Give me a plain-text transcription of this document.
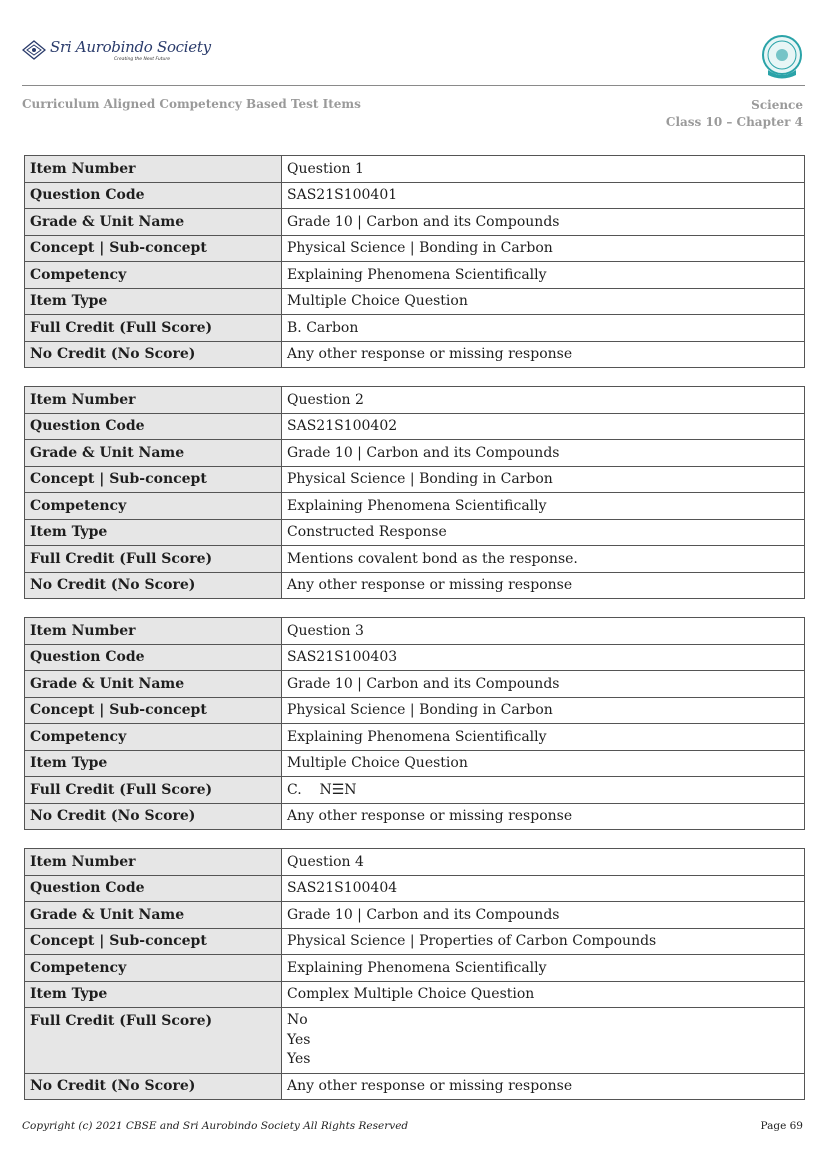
Sri Aurobindo Society
Creating the Next Future
Curriculum Aligned Competency Based Test Items	Science
Class 10 – Chapter 4
Item Number	Question 1
Question Code	SAS21S100401
Grade & Unit Name	Grade 10 | Carbon and its Compounds
Concept | Sub-concept	Physical Science | Bonding in Carbon
Competency	Explaining Phenomena Scientifically
Item Type	Multiple Choice Question
Full Credit (Full Score)	B. Carbon
No Credit (No Score)	Any other response or missing response
Item Number	Question 2
Question Code	SAS21S100402
Grade & Unit Name	Grade 10 | Carbon and its Compounds
Concept | Sub-concept	Physical Science | Bonding in Carbon
Competency	Explaining Phenomena Scientifically
Item Type	Constructed Response
Full Credit (Full Score)	Mentions covalent bond as the response.
No Credit (No Score)	Any other response or missing response
Item Number	Question 3
Question Code	SAS21S100403
Grade & Unit Name	Grade 10 | Carbon and its Compounds
Concept | Sub-concept	Physical Science | Bonding in Carbon
Competency	Explaining Phenomena Scientifically
Item Type	Multiple Choice Question
Full Credit (Full Score)	C.    N☰N
No Credit (No Score)	Any other response or missing response
Item Number	Question 4
Question Code	SAS21S100404
Grade & Unit Name	Grade 10 | Carbon and its Compounds
Concept | Sub-concept	Physical Science | Properties of Carbon Compounds
Competency	Explaining Phenomena Scientifically
Item Type	Complex Multiple Choice Question
Full Credit (Full Score)	No
Yes
Yes

No Credit (No Score)	Any other response or missing response
Copyright (c) 2021 CBSE and Sri Aurobindo Society All Rights Reserved	Page 69
